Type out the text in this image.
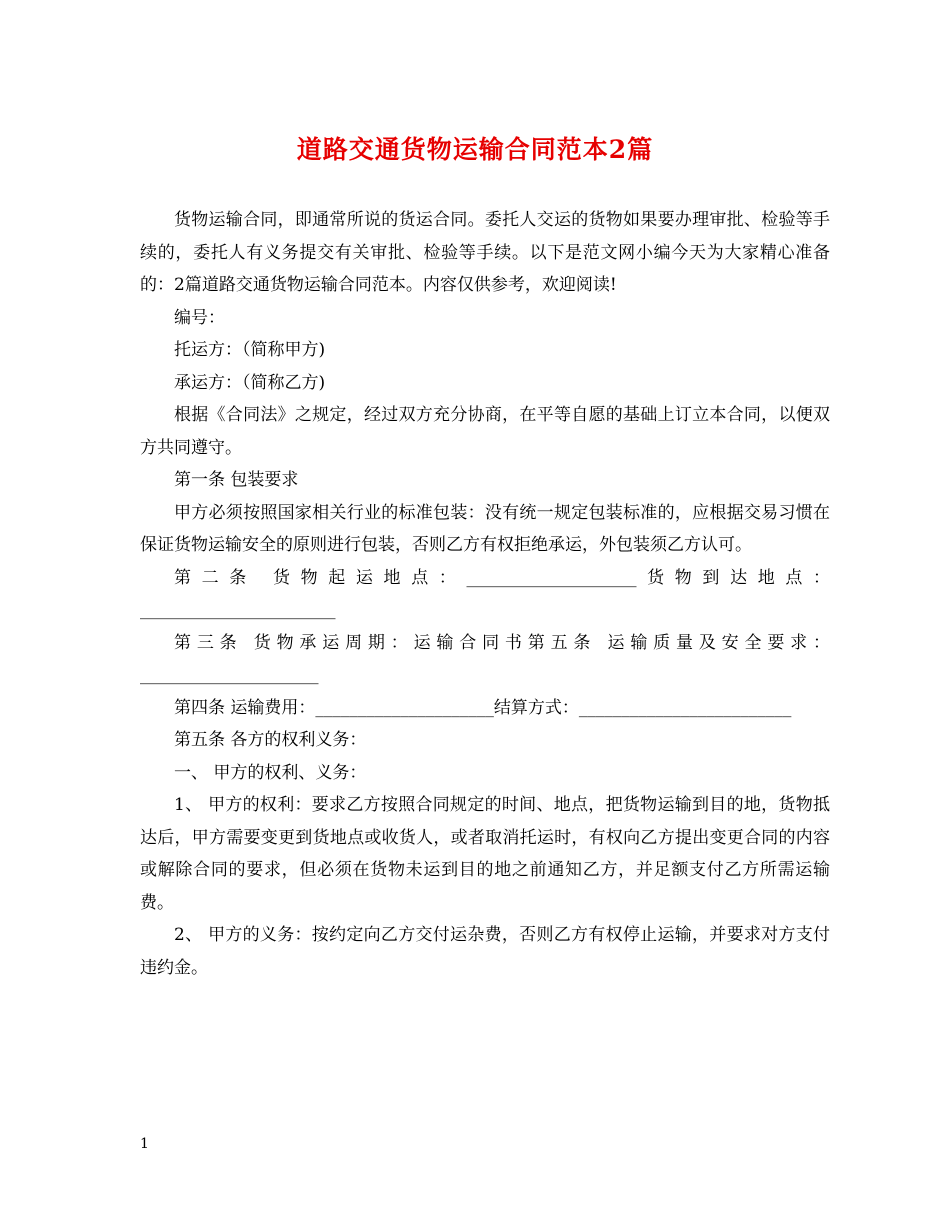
道路交通货物运输合同范本2篇

货物运输合同，即通常所说的货运合同。委托人交运的货物如果要办理审批、检验等手续的，委托人有义务提交有关审批、检验等手续。以下是范文网小编今天为大家精心准备的：2篇道路交通货物运输合同范本。内容仅供参考，欢迎阅读!

编号：

托运方：（简称甲方)

承运方：（简称乙方)

根据《合同法》之规定，经过双方充分协商，在平等自愿的基础上订立本合同，以便双方共同遵守。

第一条 包装要求

甲方必须按照国家相关行业的标准包装：没有统一规定包装标准的，应根据交易习惯在保证货物运输安全的原则进行包装，否则乙方有权拒绝承运，外包装须乙方认可。

第二条 货物起运地点：____________________货物到达地点：_______________________

第三条 货物承运周期：运输合同书第五条 运输质量及安全要求：_____________________

第四条 运输费用：_____________________结算方式：_________________________

第五条 各方的权利义务：

一、 甲方的权利、义务：

1、 甲方的权利：要求乙方按照合同规定的时间、地点，把货物运输到目的地，货物抵达后，甲方需要变更到货地点或收货人，或者取消托运时，有权向乙方提出变更合同的内容或解除合同的要求，但必须在货物未运到目的地之前通知乙方，并足额支付乙方所需运输费。

2、 甲方的义务：按约定向乙方交付运杂费，否则乙方有权停止运输，并要求对方支付违约金。

1
